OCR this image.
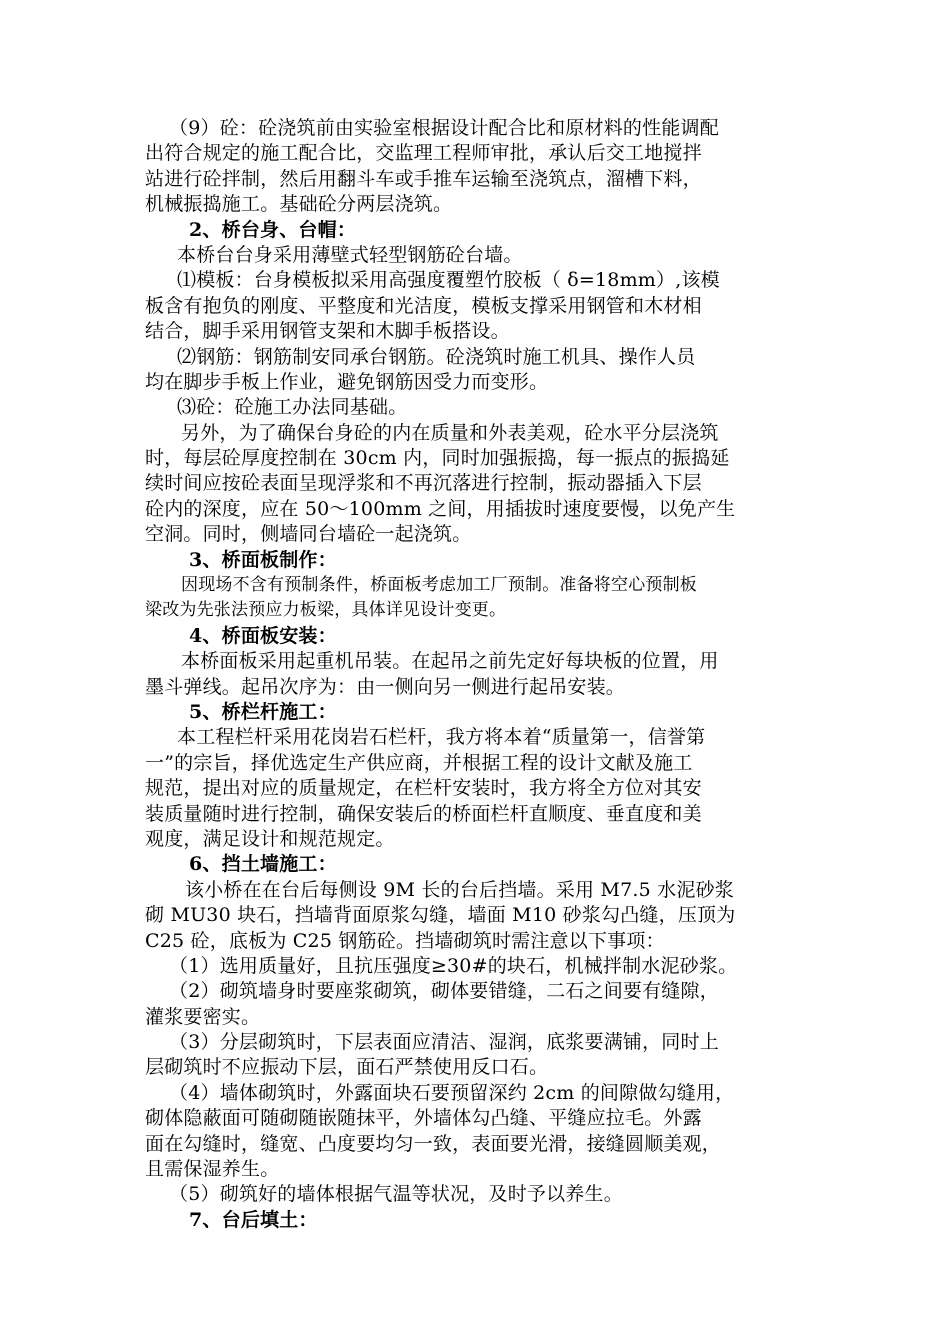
（9）砼：砼浇筑前由实验室根据设计配合比和原材料的性能调配
出符合规定的施工配合比，交监理工程师审批，承认后交工地搅拌
站进行砼拌制，然后用翻斗车或手推车运输至浇筑点，溜槽下料，
机械振捣施工。基础砼分两层浇筑。
2、桥台身、台帽：
本桥台台身采用薄壁式轻型钢筋砼台墙。
⑴模板：台身模板拟采用高强度覆塑竹胶板（ δ=18mm）,该模
板含有抱负的刚度、平整度和光洁度，模板支撑采用钢管和木材相
结合，脚手采用钢管支架和木脚手板搭设。
⑵钢筋：钢筋制安同承台钢筋。砼浇筑时施工机具、操作人员
均在脚步手板上作业，避免钢筋因受力而变形。
⑶砼：砼施工办法同基础。
另外，为了确保台身砼的内在质量和外表美观，砼水平分层浇筑
时，每层砼厚度控制在 30cm 内，同时加强振捣，每一振点的振捣延
续时间应按砼表面呈现浮浆和不再沉落进行控制，振动器插入下层
砼内的深度，应在 50～100mm 之间，用插拔时速度要慢，以免产生
空洞。同时，侧墙同台墙砼一起浇筑。
3、桥面板制作：
因现场不含有预制条件，桥面板考虑加工厂预制。准备将空心预制板
梁改为先张法预应力板梁，具体详见设计变更。
4、桥面板安装：
本桥面板采用起重机吊装。在起吊之前先定好每块板的位置，用
墨斗弹线。起吊次序为：由一侧向另一侧进行起吊安装。
5、桥栏杆施工：
本工程栏杆采用花岗岩石栏杆，我方将本着“质量第一，信誉第
一”的宗旨，择优选定生产供应商，并根据工程的设计文献及施工
规范，提出对应的质量规定，在栏杆安装时，我方将全方位对其安
装质量随时进行控制，确保安装后的桥面栏杆直顺度、垂直度和美
观度，满足设计和规范规定。
6、挡土墙施工：
该小桥在在台后每侧设 9M 长的台后挡墙。采用 M7.5 水泥砂浆
砌 MU30 块石，挡墙背面原浆勾缝，墙面 M10 砂浆勾凸缝，压顶为
C25 砼，底板为 C25 钢筋砼。挡墙砌筑时需注意以下事项：
（1）选用质量好，且抗压强度≥30#的块石，机械拌制水泥砂浆。
（2）砌筑墙身时要座浆砌筑，砌体要错缝，二石之间要有缝隙，
灌浆要密实。
（3）分层砌筑时，下层表面应清洁、湿润，底浆要满铺，同时上
层砌筑时不应振动下层，面石严禁使用反口石。
（4）墙体砌筑时，外露面块石要预留深约 2cm 的间隙做勾缝用，
砌体隐蔽面可随砌随嵌随抹平，外墙体勾凸缝、平缝应拉毛。外露
面在勾缝时，缝宽、凸度要均匀一致，表面要光滑，接缝圆顺美观，
且需保湿养生。
（5）砌筑好的墙体根据气温等状况，及时予以养生。
7、台后填土：
